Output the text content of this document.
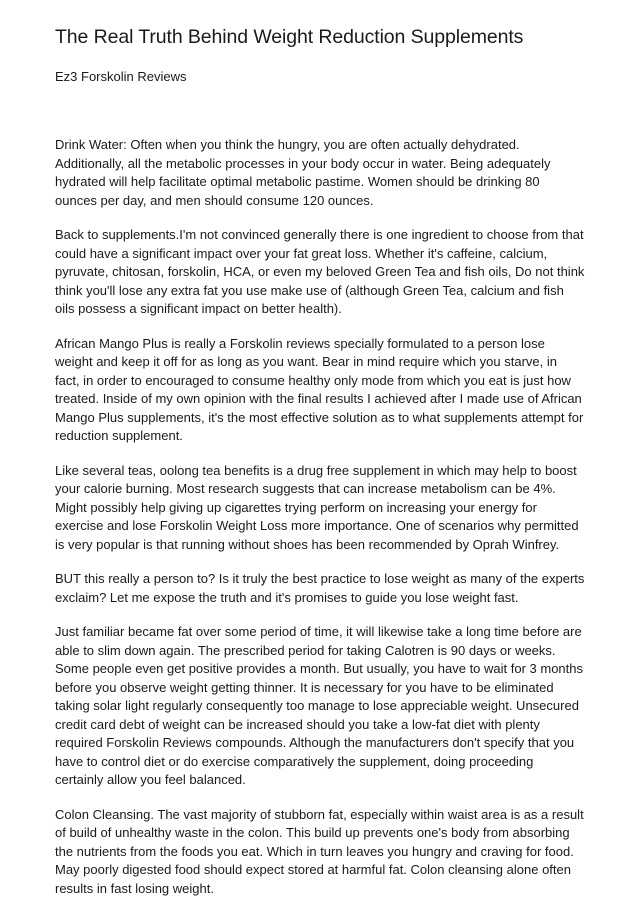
The Real Truth Behind Weight Reduction Supplements

Ez3 Forskolin Reviews

Drink Water: Often when you think the hungry, you are often actually dehydrated. Additionally, all the metabolic processes in your body occur in water. Being adequately hydrated will help facilitate optimal metabolic pastime. Women should be drinking 80 ounces per day, and men should consume 120 ounces.

Back to supplements.I'm not convinced generally there is one ingredient to choose from that could have a significant impact over your fat great loss. Whether it's caffeine, calcium, pyruvate, chitosan, forskolin, HCA, or even my beloved Green Tea and fish oils, Do not think think you'll lose any extra fat you use make use of (although Green Tea, calcium and fish oils possess a significant impact on better health).

African Mango Plus is really a Forskolin reviews specially formulated to a person lose weight and keep it off for as long as you want. Bear in mind require which you starve, in fact, in order to encouraged to consume healthy only mode from which you eat is just how treated. Inside of my own opinion with the final results I achieved after I made use of African Mango Plus supplements, it's the most effective solution as to what supplements attempt for reduction supplement.

Like several teas, oolong tea benefits is a drug free supplement in which may help to boost your calorie burning. Most research suggests that can increase metabolism can be 4%. Might possibly help giving up cigarettes trying perform on increasing your energy for exercise and lose Forskolin Weight Loss more importance. One of scenarios why permitted is very popular is that running without shoes has been recommended by Oprah Winfrey.

BUT this really a person to? Is it truly the best practice to lose weight as many of the experts exclaim? Let me expose the truth and it's promises to guide you lose weight fast.

Just familiar became fat over some period of time, it will likewise take a long time before are able to slim down again. The prescribed period for taking Calotren is 90 days or weeks. Some people even get positive provides a month. But usually, you have to wait for 3 months before you observe weight getting thinner. It is necessary for you have to be eliminated taking solar light regularly consequently too manage to lose appreciable weight. Unsecured credit card debt of weight can be increased should you take a low-fat diet with plenty required Forskolin Reviews compounds. Although the manufacturers don't specify that you have to control diet or do exercise comparatively the supplement, doing proceeding certainly allow you feel balanced.

Colon Cleansing. The vast majority of stubborn fat, especially within waist area is as a result of build of unhealthy waste in the colon. This build up prevents one's body from absorbing the nutrients from the foods you eat. Which in turn leaves you hungry and craving for food. May poorly digested food should expect stored at harmful fat. Colon cleansing alone often results in fast losing weight.
